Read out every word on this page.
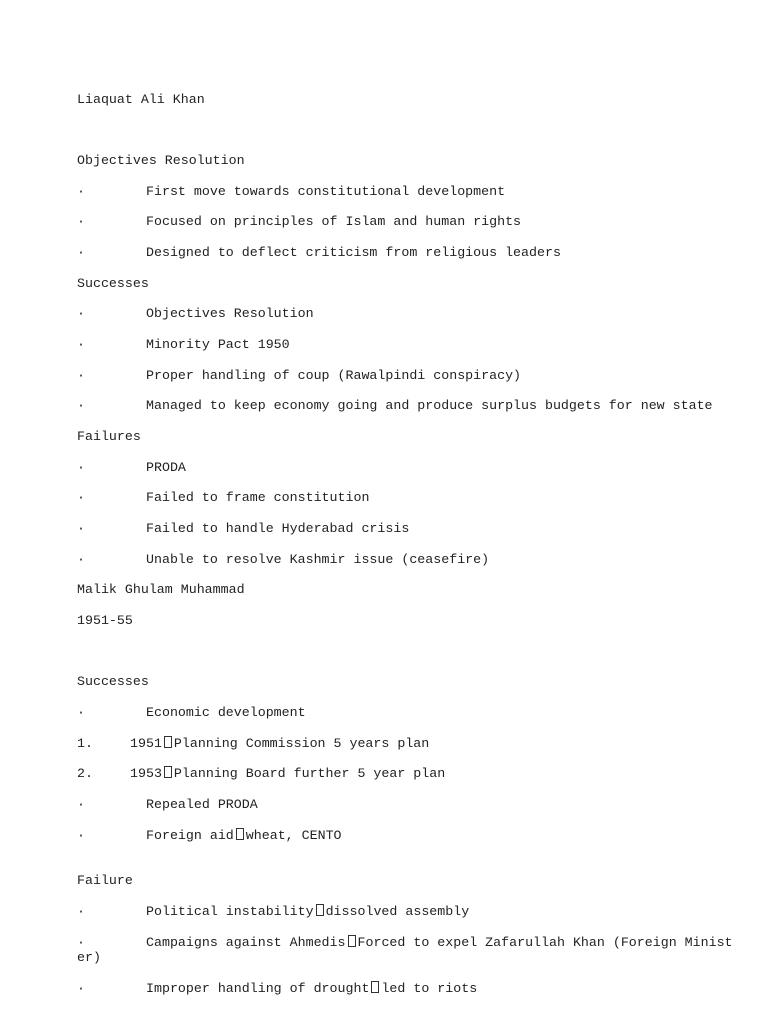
Liaquat Ali Khan
Objectives Resolution
·	First move towards constitutional development
·	Focused on principles of Islam and human rights
·	Designed to deflect criticism from religious leaders
Successes
·	Objectives Resolution
·	Minority Pact 1950
·	Proper handling of coup (Rawalpindi conspiracy)
·	Managed to keep economy going and produce surplus budgets for new state
Failures
·	PRODA
·	Failed to frame constitution
·	Failed to handle Hyderabad crisis
·	Unable to resolve Kashmir issue (ceasefire)
Malik Ghulam Muhammad
1951-55
Successes
·	Economic development
1.	1951 Planning Commission 5 years plan
2.	1953 Planning Board further 5 year plan
·	Repealed PRODA
·	Foreign aid wheat, CENTO
Failure
·	Political instability dissolved assembly
·	Campaigns against Ahmedis Forced to expel Zafarullah Khan (Foreign Minist
er)
·	Improper handling of drought led to riots
